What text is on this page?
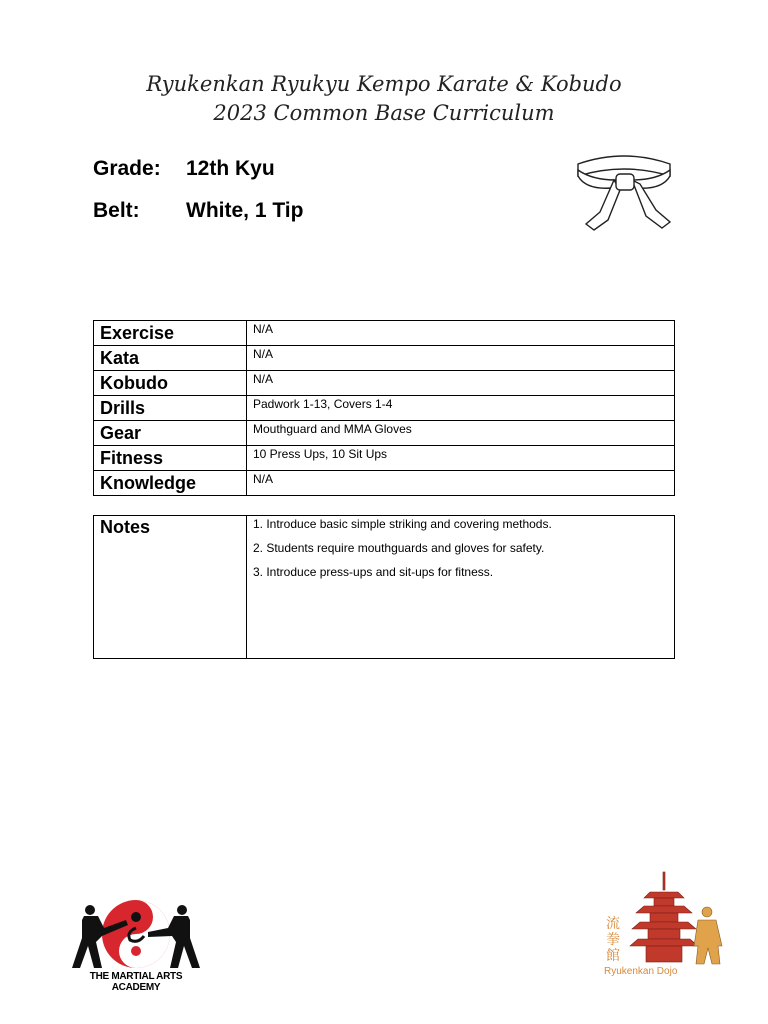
Ryukenkan Ryukyu Kempo Karate & Kobudo
2023 Common Base Curriculum
Grade: 12th Kyu
Belt: White, 1 Tip
Exercise	N/A
Kata	N/A
Kobudo	N/A
Drills	Padwork 1-13, Covers 1-4
Gear	Mouthguard and MMA Gloves
Fitness	10 Press Ups, 10 Sit Ups
Knowledge	N/A
Notes	1. Introduce basic simple striking and covering methods.
2. Students require mouthguards and gloves for safety.
3. Introduce press-ups and sit-ups for fitness.
THE MARTIAL ARTS ACADEMY
流拳館
Ryukenkan Dojo
